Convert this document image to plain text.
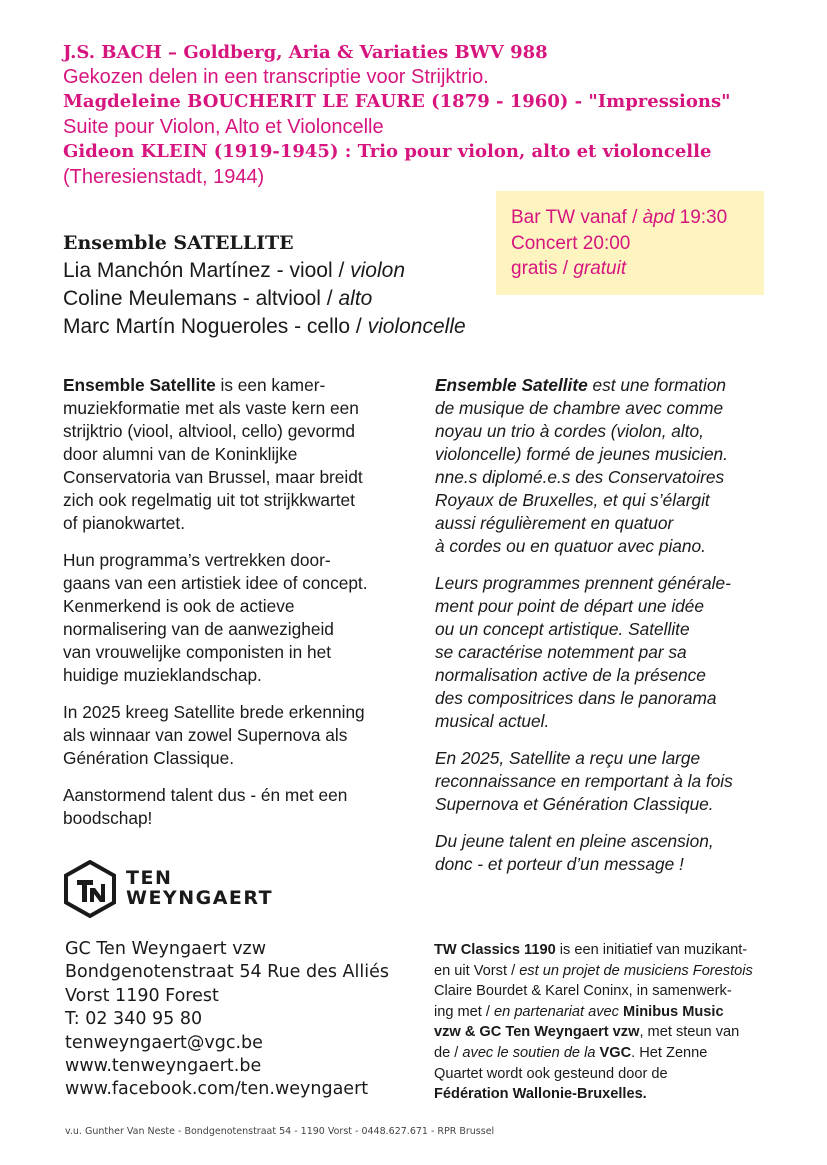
J.S. BACH – Goldberg, Aria & Variaties BWV 988
Gekozen delen in een transcriptie voor Strijktrio.
Magdeleine BOUCHERIT LE FAURE (1879 - 1960) - "Impressions"
Suite pour Violon, Alto et Violoncelle
Gideon KLEIN (1919-1945) : Trio pour violon, alto et violoncelle
(Theresienstadt, 1944)
Bar TW vanaf / àpd 19:30
Concert 20:00
gratis / gratuit
Ensemble SATELLITE
Lia Manchón Martínez - viool / violon
Coline Meulemans - altviool / alto
Marc Martín Nogueroles - cello / violoncelle

Ensemble Satellite is een kamer-
muziekformatie met als vaste kern een
strijktrio (viool, altviool, cello) gevormd
door alumni van de Koninklijke
Conservatoria van Brussel, maar breidt
zich ook regelmatig uit tot strijkkwartet
of pianokwartet.

Hun programma’s vertrekken door-
gaans van een artistiek idee of concept.
Kenmerkend is ook de actieve
normalisering van de aanwezigheid
van vrouwelijke componisten in het
huidige muzieklandschap.

In 2025 kreeg Satellite brede erkenning
als winnaar van zowel Supernova als
Génération Classique.

Aanstormend talent dus - én met een
boodschap!

Ensemble Satellite est une formation
de musique de chambre avec comme
noyau un trio à cordes (violon, alto,
violoncelle) formé de jeunes musicien.
nne.s diplomé.e.s des Conservatoires
Royaux de Bruxelles, et qui s’élargit
aussi régulièrement en quatuor
à cordes ou en quatuor avec piano.

Leurs programmes prennent générale-
ment pour point de départ une idée
ou un concept artistique. Satellite
se caractérise notemment par sa
normalisation active de la présence
des compositrices dans le panorama
musical actuel.

En 2025, Satellite a reçu une large
reconnaissance en remportant à la fois
Supernova et Génération Classique.

Du jeune talent en pleine ascension,
donc - et porteur d’un message !

TEN
WEYNGAERT
GC Ten Weyngaert vzw
Bondgenotenstraat 54 Rue des Alliés
Vorst 1190 Forest
T: 02 340 95 80
tenweyngaert@vgc.be
www.tenweyngaert.be
www.facebook.com/ten.weyngaert
TW Classics 1190 is een initiatief van muzikant-
en uit Vorst / est un projet de musiciens Forestois
Claire Bourdet & Karel Coninx, in samenwerk-
ing met / en partenariat avec Minibus Music
vzw & GC Ten Weyngaert vzw, met steun van
de / avec le soutien de la VGC. Het Zenne
Quartet wordt ook gesteund door de
Fédération Wallonie-Bruxelles.
v.u. Gunther Van Neste - Bondgenotenstraat 54 - 1190 Vorst - 0448.627.671 - RPR Brussel
